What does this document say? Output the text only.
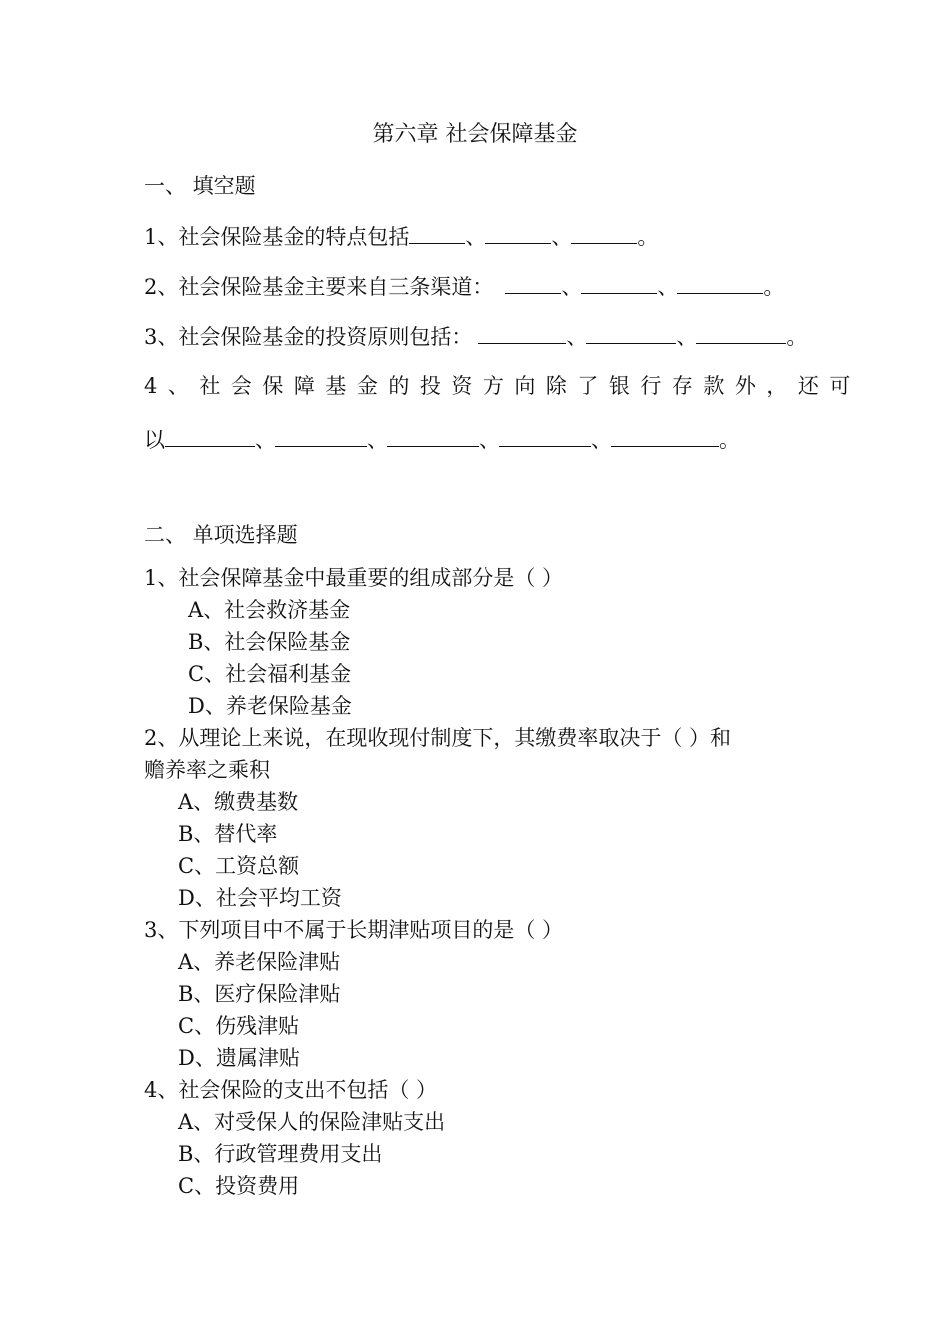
第六章 社会保障基金
一、 填空题
1、社会保险基金的特点包括	、	、	。
2、社会保险基金主要来自三条渠道：	、	、	。
3、社会保险基金的投资原则包括：	、	、	。
4、社会保障基金的投资方向除了银行存款外，还可
以	、	、	、	、	。
二、 单项选择题
1、社会保障基金中最重要的组成部分是（ ）
A、社会救济基金
B、社会保险基金
C、社会福利基金
D、养老保险基金
2、从理论上来说，在现收现付制度下，其缴费率取决于（ ）和
赡养率之乘积
A、缴费基数
B、替代率
C、工资总额
D、社会平均工资
3、下列项目中不属于长期津贴项目的是（ ）
A、养老保险津贴
B、医疗保险津贴
C、伤残津贴
D、遗属津贴
4、社会保险的支出不包括（ ）
A、对受保人的保险津贴支出
B、行政管理费用支出
C、投资费用
